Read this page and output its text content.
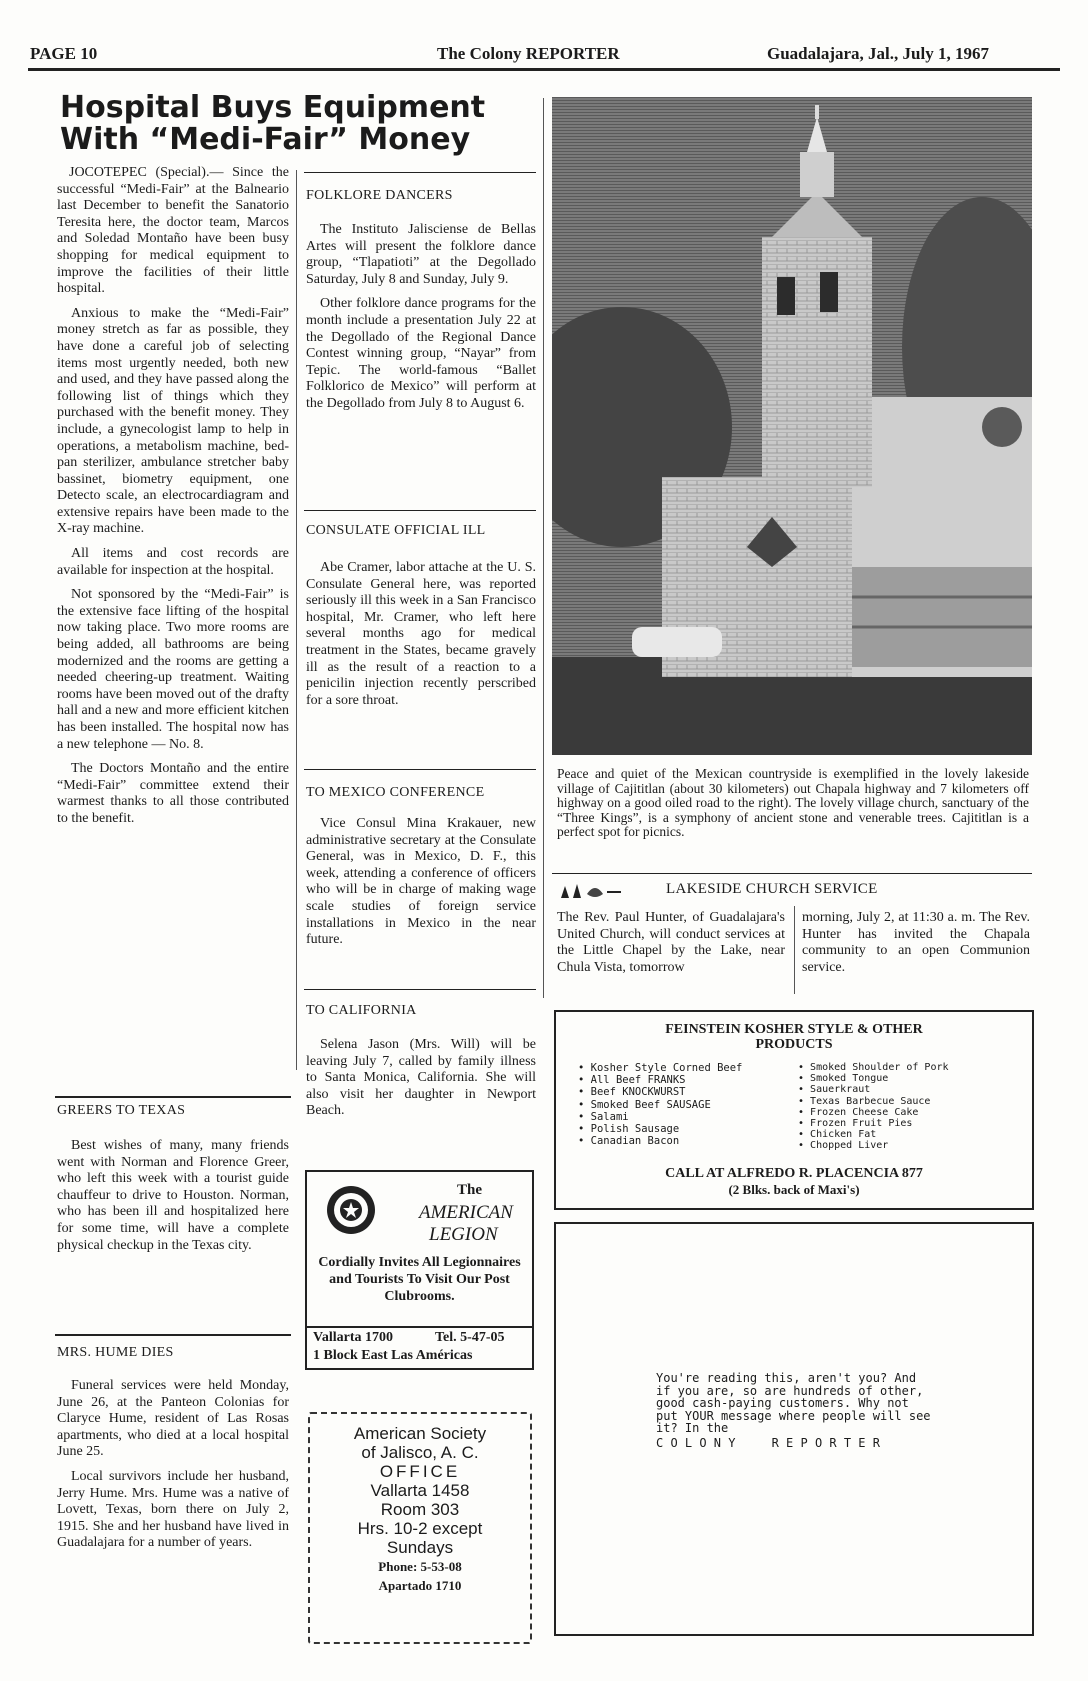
PAGE 10	The Colony REPORTER	Guadalajara, Jal., July 1, 1967
Hospital Buys Equipment
With “Medi-Fair” Money

JOCOTEPEC (Special).— Since the successful “Medi-Fair” at the Balneario last December to benefit the Sanatorio Teresita here, the doctor team, Marcos and Soledad Montaño have been busy shopping for medical equipment to improve the facilities of their little hospital.

Anxious to make the “Medi-Fair” money stretch as far as possible, they have done a careful job of selecting items most urgently needed, both new and used, and they have passed along the following list of things which they purchased with the benefit money. They include, a gynecologist lamp to help in operations, a metabolism machine, bed-pan sterilizer, ambulance stretcher baby bassinet, biometry equipment, one Detecto scale, an electrocardiagram and extensive repairs have been made to the X-ray machine.

All items and cost records are available for inspection at the hospital.

Not sponsored by the “Medi-Fair” is the extensive face lifting of the hospital now taking place. Two more rooms are being added, all bathrooms are being modernized and the rooms are getting a needed cheering-up treatment. Waiting rooms have been moved out of the drafty hall and a new and more efficient kitchen has been installed. The hospital now has a new telephone — No. 8.

The Doctors Montaño and the entire “Medi-Fair” committee extend their warmest thanks to all those contributed to the benefit.

GREERS TO TEXAS

Best wishes of many, many friends went with Norman and Florence Greer, who left this week with a tourist guide chauffeur to drive to Houston. Norman, who has been ill and hospitalized here for some time, will have a complete physical checkup in the Texas city.

MRS. HUME DIES

Funeral services were held Monday, June 26, at the Panteon Colonias for Claryce Hume, resident of Las Rosas apartments, who died at a local hospital June 25.

Local survivors include her husband, Jerry Hume. Mrs. Hume was a native of Lovett, Texas, born there on July 2, 1915. She and her husband have lived in Guadalajara for a number of years.

FOLKLORE DANCERS

The Instituto Jalisciense de Bellas Artes will present the folklore dance group, “Tlapatioti” at the Degollado Saturday, July 8 and Sunday, July 9.

Other folklore dance programs for the month include a presentation July 22 at the Degollado of the Regional Dance Contest winning group, “Nayar” from Tepic. The world-famous “Ballet Folklorico de Mexico” will perform at the Degollado from July 8 to August 6.

CONSULATE OFFICIAL ILL

Abe Cramer, labor attache at the U. S. Consulate General here, was reported seriously ill this week in a San Francisco hospital, Mr. Cramer, who left here several months ago for medical treatment in the States, became gravely ill as the result of a reaction to a penicilin injection recently perscribed for a sore throat.

TO MEXICO CONFERENCE

Vice Consul Mina Krakauer, new administrative secretary at the Consulate General, was in Mexico, D. F., this week, attending a conference of officers who will be in charge of making wage scale studies of foreign service installations in Mexico in the near future.

TO CALIFORNIA

Selena Jason (Mrs. Will) will be leaving July 7, called by family illness to Santa Monica, California. She will also visit her daughter in Newport Beach.

The
AMERICAN
LEGION
Cordially Invites All Legionnaires and Tourists To Visit Our Post Clubrooms.
Vallarta 1700	Tel. 5-47-05
1 Block East Las Américas
American Society
of Jalisco, A. C.
OFFICE
Vallarta 1458
Room 303
Hrs. 10-2 except
Sundays
Phone: 5-53-08
Apartado 1710
Peace and quiet of the Mexican countryside is exemplified in the lovely lakeside village of Cajititlan (about 30 kilometers) out Chapala highway and 7 kilometers off highway on a good oiled road to the right). The lovely village church, sanctuary of the “Three Kings”, is a symphony of ancient stone and venerable trees. Cajititlan is a perfect spot for picnics.
LAKESIDE CHURCH SERVICE
The Rev. Paul Hunter, of Guadalajara's United Church, will conduct services at the Little Chapel by the Lake, near Chula Vista, tomorrow
morning, July 2, at 11:30 a. m. The Rev. Hunter has invited the Chapala community to an open Communion service.
FEINSTEIN KOSHER STYLE & OTHER
PRODUCTS
• Kosher Style Corned Beef
• All Beef FRANKS
• Beef KNOCKWURST
• Smoked Beef SAUSAGE
• Salami
• Polish Sausage
• Canadian Bacon
• Smoked Shoulder of Pork
• Smoked Tongue
• Sauerkraut
• Texas Barbecue Sauce
• Frozen Cheese Cake
• Frozen Fruit Pies
• Chicken Fat
• Chopped Liver
CALL AT ALFREDO R. PLACENCIA 877
(2 Blks. back of Maxi's)
You're reading this, aren't you? And if you are, so are hundreds of other, good cash-paying customers. Why not put YOUR message where people will see it? In the
C O L O N Y     R E P O R T E R
